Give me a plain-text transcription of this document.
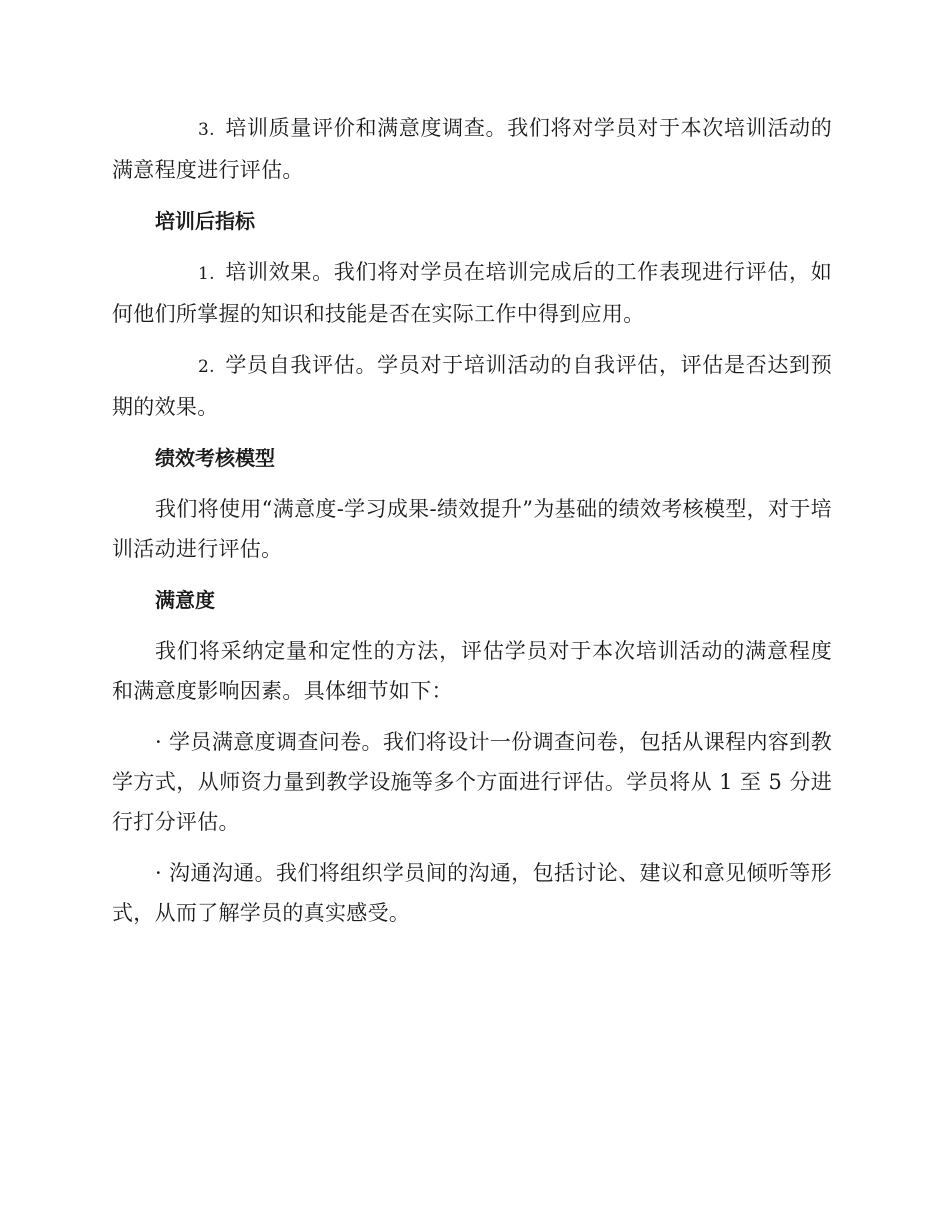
3. 培训质量评价和满意度调查。我们将对学员对于本次培训活动的满意程度进行评估。

培训后指标

1. 培训效果。我们将对学员在培训完成后的工作表现进行评估，如何他们所掌握的知识和技能是否在实际工作中得到应用。

2. 学员自我评估。学员对于培训活动的自我评估，评估是否达到预期的效果。

绩效考核模型

我们将使用“满意度-学习成果-绩效提升”为基础的绩效考核模型，对于培训活动进行评估。

满意度

我们将采纳定量和定性的方法，评估学员对于本次培训活动的满意程度和满意度影响因素。具体细节如下：

· 学员满意度调查问卷。我们将设计一份调查问卷，包括从课程内容到教学方式，从师资力量到教学设施等多个方面进行评估。学员将从 1 至 5 分进行打分评估。

· 沟通沟通。我们将组织学员间的沟通，包括讨论、建议和意见倾听等形式，从而了解学员的真实感受。
